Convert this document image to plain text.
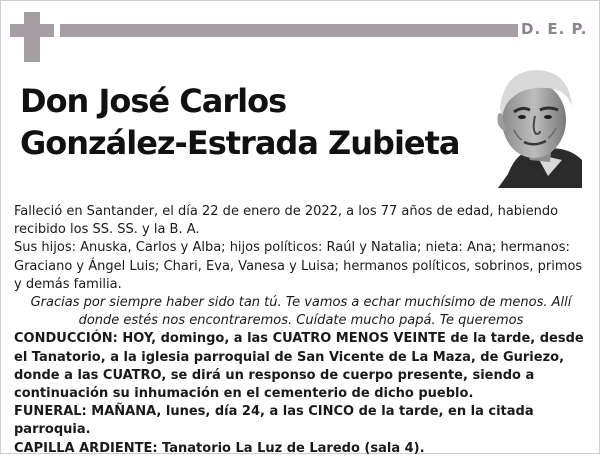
D. E. P.
Don José Carlos
González-Estrada Zubieta

Falleció en Santander, el día 22 de enero de 2022, a los 77 años de edad, habiendo recibido los SS. SS. y la B. A.

Sus hijos: Anuska, Carlos y Alba; hijos políticos: Raúl y Natalia; nieta: Ana; hermanos: Graciano y Ángel Luis; Chari, Eva, Vanesa y Luisa; hermanos políticos, sobrinos, primos y demás familia.

Gracias por siempre haber sido tan tú. Te vamos a echar muchísimo de menos. Allí donde estés nos encontraremos. Cuídate mucho papá. Te queremos

CONDUCCIÓN: HOY, domingo, a las CUATRO MENOS VEINTE de la tarde, desde el Tanatorio, a la iglesia parroquial de San Vicente de La Maza, de Guriezo, donde a las CUATRO, se dirá un responso de cuerpo presente, siendo a continuación su inhumación en el cementerio de dicho pueblo.

FUNERAL: MAÑANA, lunes, día 24, a las CINCO de la tarde, en la citada parroquia.

CAPILLA ARDIENTE: Tanatorio La Luz de Laredo (sala 4).
